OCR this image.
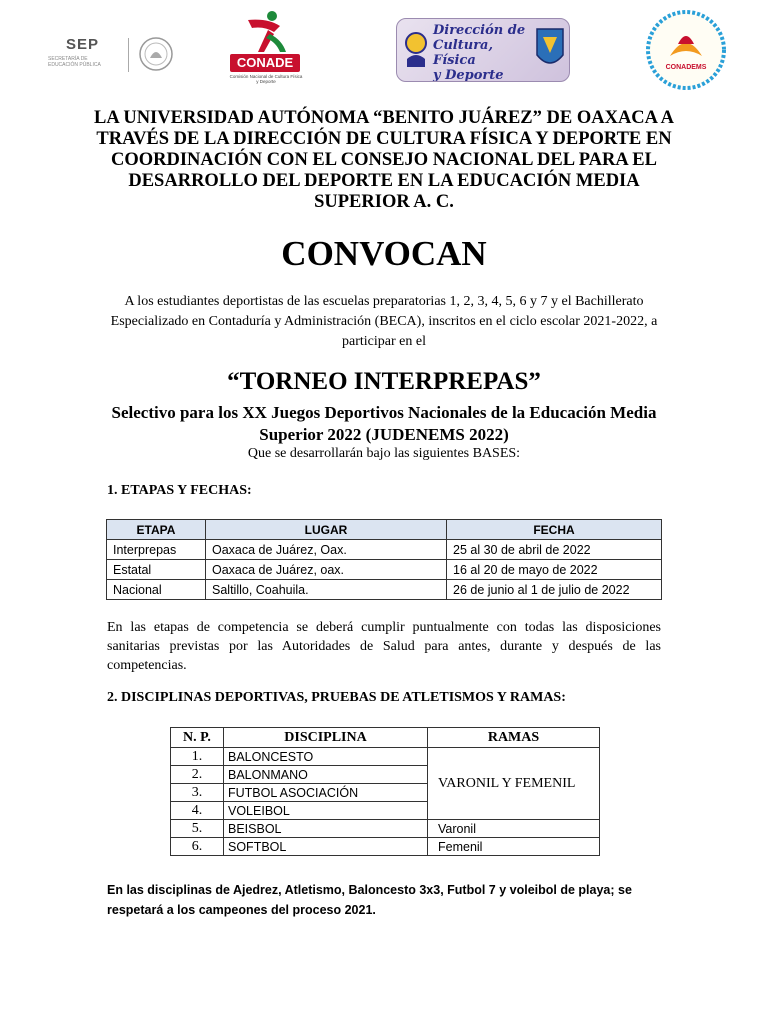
SEP
SECRETARÍA DE EDUCACIÓN PÚBLICA	CONADE
Comisión Nacional de Cultura Física y Deporte
Dirección de
Cultura, Física
y Deporte
CONADEMS
LA UNIVERSIDAD AUTÓNOMA “BENITO JUÁREZ” DE OAXACA A TRAVÉS DE LA DIRECCIÓN DE CULTURA FÍSICA Y DEPORTE EN COORDINACIÓN CON EL CONSEJO NACIONAL DEL PARA EL DESARROLLO DEL DEPORTE EN LA EDUCACIÓN MEDIA SUPERIOR A. C.
CONVOCAN
A los estudiantes deportistas de las escuelas preparatorias 1, 2, 3, 4, 5, 6 y 7 y el Bachillerato Especializado en Contaduría y Administración (BECA), inscritos en el ciclo escolar 2021-2022, a participar en el
“TORNEO INTERPREPAS”
Selectivo para los XX Juegos Deportivos Nacionales de la Educación Media Superior 2022 (JUDENEMS 2022)
Que se desarrollarán bajo las siguientes BASES:
1. ETAPAS Y FECHAS:
ETAPA	LUGAR	FECHA
Interprepas	Oaxaca de Juárez, Oax.	25 al 30 de abril de 2022
Estatal	Oaxaca de Juárez, oax.	16 al 20 de mayo de 2022
Nacional	Saltillo, Coahuila.	26 de junio al 1 de julio de 2022
En las etapas de competencia se deberá cumplir puntualmente con todas las disposiciones sanitarias previstas por las Autoridades de Salud para antes, durante y después de las competencias.
2. DISCIPLINAS DEPORTIVAS, PRUEBAS DE ATLETISMOS Y RAMAS:
N. P.	DISCIPLINA	RAMAS
1.	BALONCESTO	VARONIL Y FEMENIL
2.	BALONMANO	
3.	FUTBOL ASOCIACIÓN	
4.	VOLEIBOL	
5.	BEISBOL	Varonil
6.	SOFTBOL	Femenil
En las disciplinas de Ajedrez, Atletismo, Baloncesto 3x3, Futbol 7 y voleibol de playa; se respetará a los campeones del proceso 2021.
